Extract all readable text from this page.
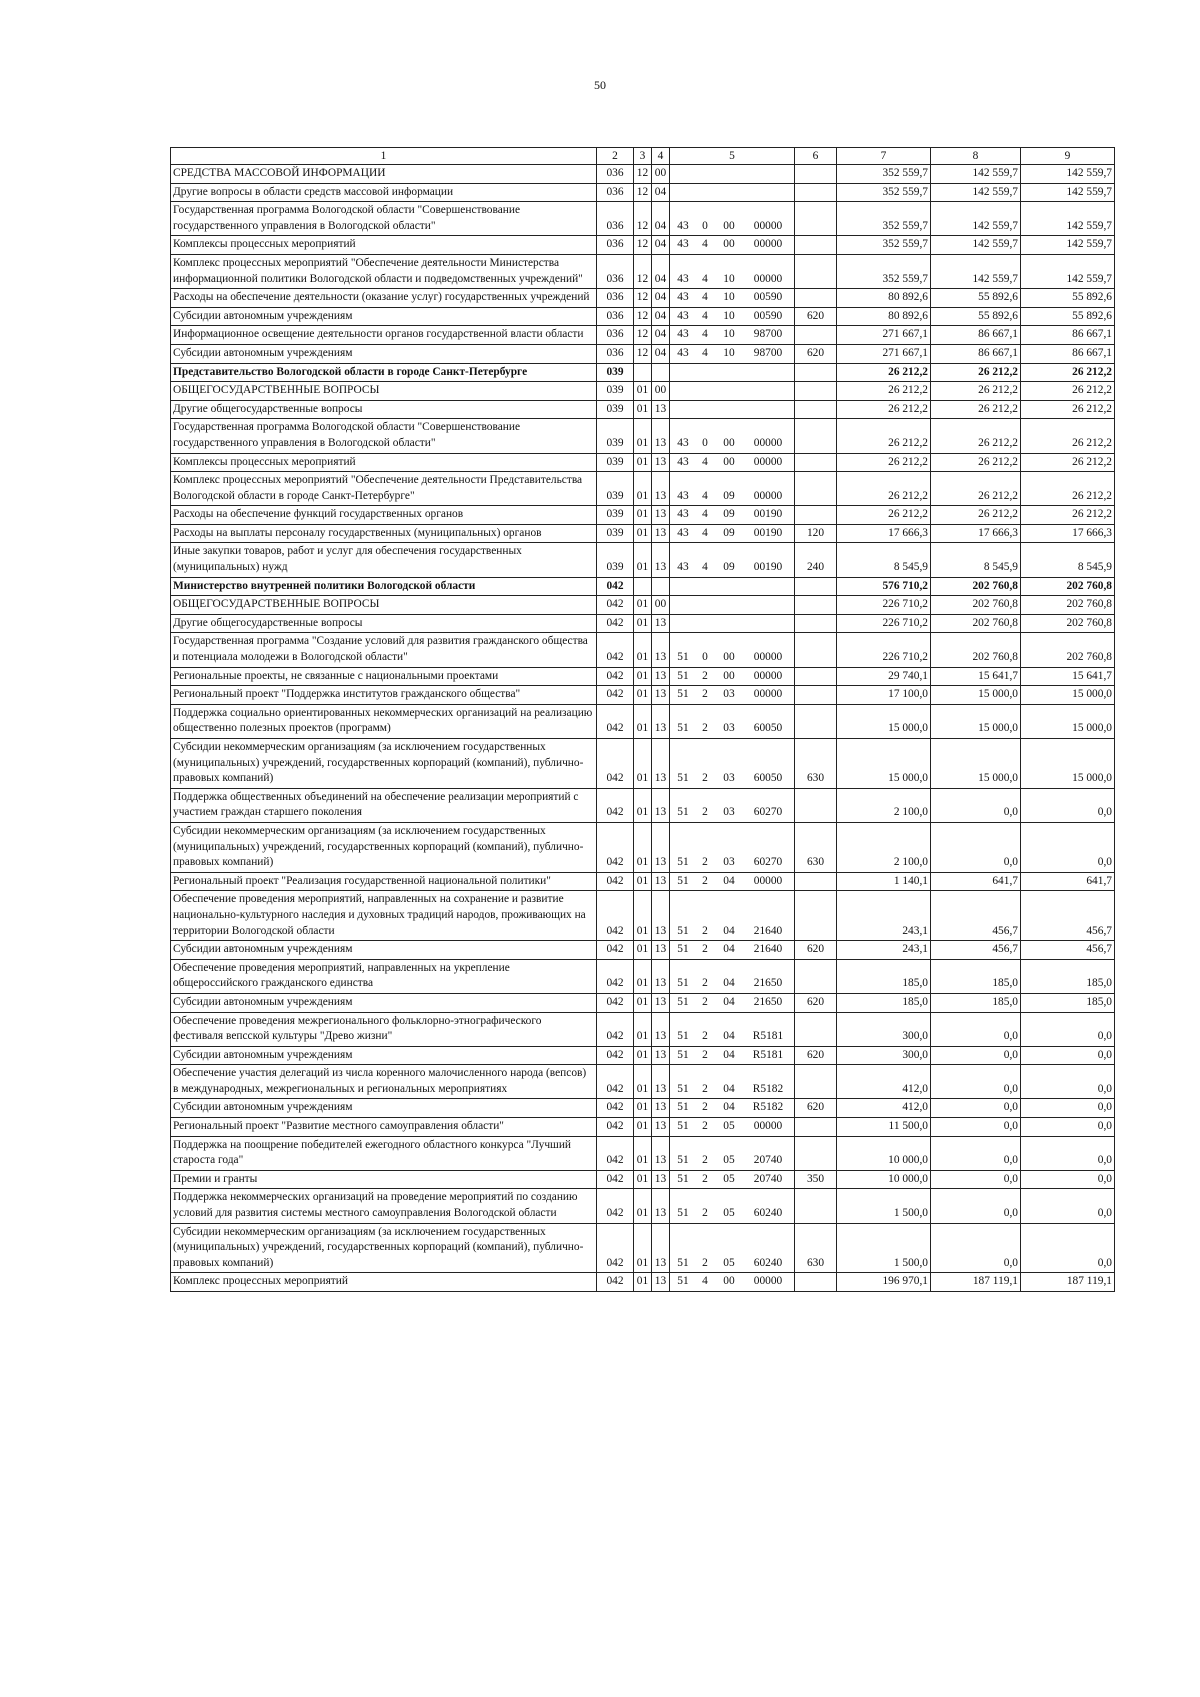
50
1	2	3	4	5	6	7	8	9
СРЕДСТВА МАССОВОЙ ИНФОРМАЦИИ	036	12	00			352 559,7	142 559,7	142 559,7
Другие вопросы в области средств массовой информации	036	12	04			352 559,7	142 559,7	142 559,7
Государственная программа Вологодской области "Совершенствование государственного управления в Вологодской области"	036	12	04	43 0 00 00000		352 559,7	142 559,7	142 559,7
Комплексы процессных мероприятий	036	12	04	43 4 00 00000		352 559,7	142 559,7	142 559,7
Комплекс процессных мероприятий "Обеспечение деятельности Министерства информационной политики Вологодской области и подведомственных учреждений"	036	12	04	43 4 10 00000		352 559,7	142 559,7	142 559,7
Расходы на обеспечение деятельности (оказание услуг) государственных учреждений	036	12	04	43 4 10 00590		80 892,6	55 892,6	55 892,6
Субсидии автономным учреждениям	036	12	04	43 4 10 00590	620	80 892,6	55 892,6	55 892,6
Информационное освещение деятельности органов государственной власти области	036	12	04	43 4 10 98700		271 667,1	86 667,1	86 667,1
Субсидии автономным учреждениям	036	12	04	43 4 10 98700	620	271 667,1	86 667,1	86 667,1
Представительство Вологодской области в городе Санкт-Петербурге	039					26 212,2	26 212,2	26 212,2
ОБЩЕГОСУДАРСТВЕННЫЕ ВОПРОСЫ	039	01	00			26 212,2	26 212,2	26 212,2
Другие общегосударственные вопросы	039	01	13			26 212,2	26 212,2	26 212,2
Государственная программа Вологодской области "Совершенствование государственного управления в Вологодской области"	039	01	13	43 0 00 00000		26 212,2	26 212,2	26 212,2
Комплексы процессных мероприятий	039	01	13	43 4 00 00000		26 212,2	26 212,2	26 212,2
Комплекс процессных мероприятий "Обеспечение деятельности Представительства Вологодской области в городе Санкт-Петербурге"	039	01	13	43 4 09 00000		26 212,2	26 212,2	26 212,2
Расходы на обеспечение функций государственных органов	039	01	13	43 4 09 00190		26 212,2	26 212,2	26 212,2
Расходы на выплаты персоналу государственных (муниципальных) органов	039	01	13	43 4 09 00190	120	17 666,3	17 666,3	17 666,3
Иные закупки товаров, работ и услуг для обеспечения государственных (муниципальных) нужд	039	01	13	43 4 09 00190	240	8 545,9	8 545,9	8 545,9
Министерство внутренней политики Вологодской области	042					576 710,2	202 760,8	202 760,8
ОБЩЕГОСУДАРСТВЕННЫЕ ВОПРОСЫ	042	01	00			226 710,2	202 760,8	202 760,8
Другие общегосударственные вопросы	042	01	13			226 710,2	202 760,8	202 760,8
Государственная программа "Создание условий для развития гражданского общества и потенциала молодежи в Вологодской области"	042	01	13	51 0 00 00000		226 710,2	202 760,8	202 760,8
Региональные проекты, не связанные с национальными проектами	042	01	13	51 2 00 00000		29 740,1	15 641,7	15 641,7
Региональный проект "Поддержка институтов гражданского общества"	042	01	13	51 2 03 00000		17 100,0	15 000,0	15 000,0
Поддержка социально ориентированных некоммерческих организаций на реализацию общественно полезных проектов (программ)	042	01	13	51 2 03 60050		15 000,0	15 000,0	15 000,0
Субсидии некоммерческим организациям (за исключением государственных (муниципальных) учреждений, государственных корпораций (компаний), публично-правовых компаний)	042	01	13	51 2 03 60050	630	15 000,0	15 000,0	15 000,0
Поддержка общественных объединений на обеспечение реализации мероприятий с участием граждан старшего поколения	042	01	13	51 2 03 60270		2 100,0	0,0	0,0
Субсидии некоммерческим организациям (за исключением государственных (муниципальных) учреждений, государственных корпораций (компаний), публично-правовых компаний)	042	01	13	51 2 03 60270	630	2 100,0	0,0	0,0
Региональный проект "Реализация государственной национальной политики"	042	01	13	51 2 04 00000		1 140,1	641,7	641,7
Обеспечение проведения мероприятий, направленных на сохранение и развитие национально-культурного наследия и духовных традиций народов, проживающих на территории Вологодской области	042	01	13	51 2 04 21640		243,1	456,7	456,7
Субсидии автономным учреждениям	042	01	13	51 2 04 21640	620	243,1	456,7	456,7
Обеспечение проведения мероприятий, направленных на укрепление общероссийского гражданского единства	042	01	13	51 2 04 21650		185,0	185,0	185,0
Субсидии автономным учреждениям	042	01	13	51 2 04 21650	620	185,0	185,0	185,0
Обеспечение проведения межрегионального фольклорно-этнографического фестиваля вепсской культуры "Древо жизни"	042	01	13	51 2 04 R5181		300,0	0,0	0,0
Субсидии автономным учреждениям	042	01	13	51 2 04 R5181	620	300,0	0,0	0,0
Обеспечение участия делегаций из числа коренного малочисленного народа (вепсов) в международных, межрегиональных и региональных мероприятиях	042	01	13	51 2 04 R5182		412,0	0,0	0,0
Субсидии автономным учреждениям	042	01	13	51 2 04 R5182	620	412,0	0,0	0,0
Региональный проект "Развитие местного самоуправления области"	042	01	13	51 2 05 00000		11 500,0	0,0	0,0
Поддержка на поощрение победителей ежегодного областного конкурса "Лучший староста года"	042	01	13	51 2 05 20740		10 000,0	0,0	0,0
Премии и гранты	042	01	13	51 2 05 20740	350	10 000,0	0,0	0,0
Поддержка некоммерческих организаций на проведение мероприятий по созданию условий для развития системы местного самоуправления Вологодской области	042	01	13	51 2 05 60240		1 500,0	0,0	0,0
Субсидии некоммерческим организациям (за исключением государственных (муниципальных) учреждений, государственных корпораций (компаний), публично-правовых компаний)	042	01	13	51 2 05 60240	630	1 500,0	0,0	0,0
Комплекс процессных мероприятий	042	01	13	51 4 00 00000		196 970,1	187 119,1	187 119,1
